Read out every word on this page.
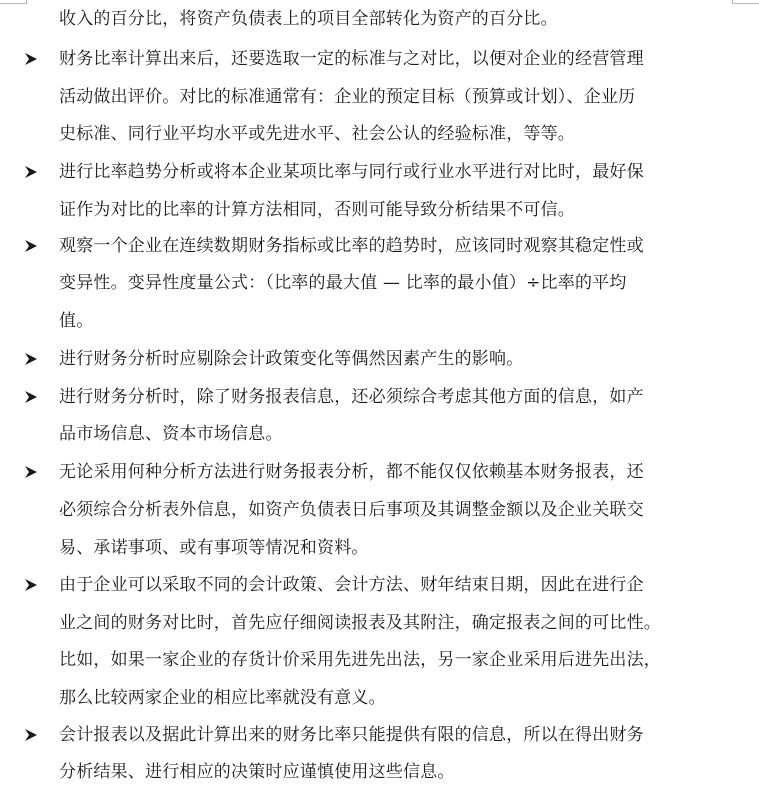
收入的百分比，将资产负债表上的项目全部转化为资产的百分比。
财务比率计算出来后，还要选取一定的标准与之对比，以便对企业的经营管理
活动做出评价。对比的标准通常有：企业的预定目标（预算或计划）、企业历
史标准、同行业平均水平或先进水平、社会公认的经验标准，等等。
进行比率趋势分析或将本企业某项比率与同行或行业水平进行对比时，最好保
证作为对比的比率的计算方法相同，否则可能导致分析结果不可信。
观察一个企业在连续数期财务指标或比率的趋势时，应该同时观察其稳定性或
变异性。变异性度量公式：（比率的最大值 — 比率的最小值）÷比率的平均
值。
进行财务分析时应剔除会计政策变化等偶然因素产生的影响。
进行财务分析时，除了财务报表信息，还必须综合考虑其他方面的信息，如产
品市场信息、资本市场信息。
无论采用何种分析方法进行财务报表分析，都不能仅仅依赖基本财务报表，还
必须综合分析表外信息，如资产负债表日后事项及其调整金额以及企业关联交
易、承诺事项、或有事项等情况和资料。
由于企业可以采取不同的会计政策、会计方法、财年结束日期，因此在进行企
业之间的财务对比时，首先应仔细阅读报表及其附注，确定报表之间的可比性。
比如，如果一家企业的存货计价采用先进先出法，另一家企业采用后进先出法，
那么比较两家企业的相应比率就没有意义。
会计报表以及据此计算出来的财务比率只能提供有限的信息，所以在得出财务
分析结果、进行相应的决策时应谨慎使用这些信息。
